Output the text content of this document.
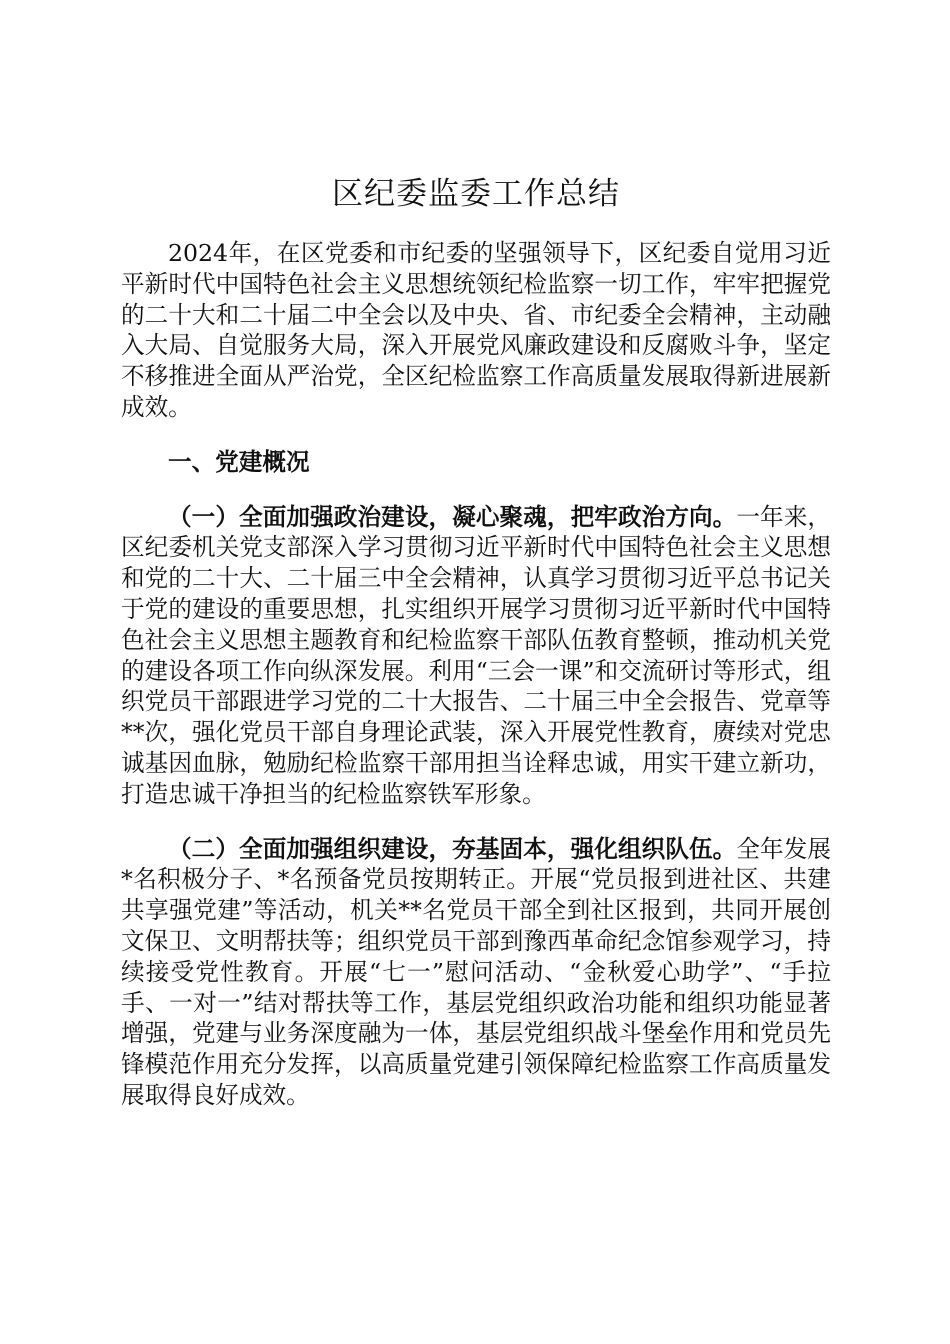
区纪委监委工作总结

2024年，在区党委和市纪委的坚强领导下，区纪委自觉用习近平新时代中国特色社会主义思想统领纪检监察一切工作，牢牢把握党的二十大和二十届二中全会以及中央、省、市纪委全会精神，主动融入大局、自觉服务大局，深入开展党风廉政建设和反腐败斗争，坚定不移推进全面从严治党，全区纪检监察工作高质量发展取得新进展新成效。

一、党建概况

（一）全面加强政治建设，凝心聚魂，把牢政治方向。一年来，区纪委机关党支部深入学习贯彻习近平新时代中国特色社会主义思想和党的二十大、二十届三中全会精神，认真学习贯彻习近平总书记关于党的建设的重要思想，扎实组织开展学习贯彻习近平新时代中国特色社会主义思想主题教育和纪检监察干部队伍教育整顿，推动机关党的建设各项工作向纵深发展。利用“三会一课”和交流研讨等形式，组织党员干部跟进学习党的二十大报告、二十届三中全会报告、党章等**次，强化党员干部自身理论武装，深入开展党性教育，赓续对党忠诚基因血脉，勉励纪检监察干部用担当诠释忠诚，用实干建立新功，打造忠诚干净担当的纪检监察铁军形象。

（二）全面加强组织建设，夯基固本，强化组织队伍。全年发展*名积极分子、*名预备党员按期转正。开展“党员报到进社区、共建共享强党建”等活动，机关**名党员干部全到社区报到，共同开展创文保卫、文明帮扶等；组织党员干部到豫西革命纪念馆参观学习，持续接受党性教育。开展“七一”慰问活动、“金秋爱心助学”、“手拉手、一对一”结对帮扶等工作，基层党组织政治功能和组织功能显著增强，党建与业务深度融为一体，基层党组织战斗堡垒作用和党员先锋模范作用充分发挥，以高质量党建引领保障纪检监察工作高质量发展取得良好成效。
